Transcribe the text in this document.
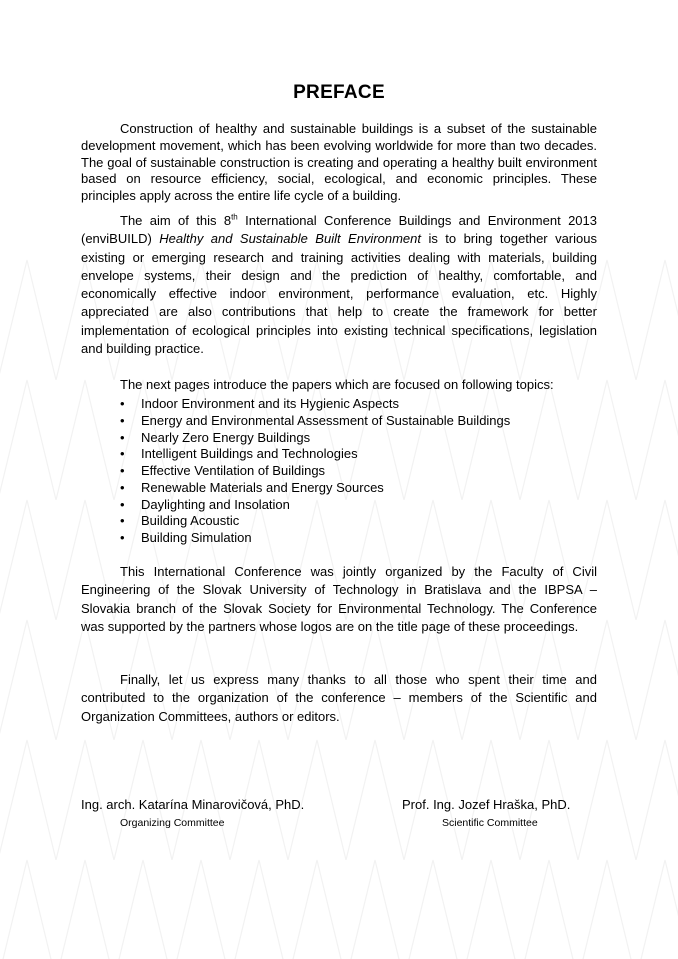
PREFACE

Construction of healthy and sustainable buildings is a subset of the sustainable development movement, which has been evolving worldwide for more than two decades. The goal of sustainable construction is creating and operating a healthy built environment based on resource efficiency, social, ecological, and economic principles. These principles apply across the entire life cycle of a building.

The aim of this 8th International Conference Buildings and Environment 2013 (enviBUILD) Healthy and Sustainable Built Environment is to bring together various existing or emerging research and training activities dealing with materials, building envelope systems, their design and the prediction of healthy, comfortable, and economically effective indoor environment, performance evaluation, etc. Highly appreciated are also contributions that help to create the framework for better implementation of ecological principles into existing technical specifications, legislation and building practice.

The next pages introduce the papers which are focused on following topics:

• Indoor Environment and its Hygienic Aspects
• Energy and Environmental Assessment of Sustainable Buildings
• Nearly Zero Energy Buildings
• Intelligent Buildings and Technologies
• Effective Ventilation of Buildings
• Renewable Materials and Energy Sources
• Daylighting and Insolation
• Building Acoustic
• Building Simulation

This International Conference was jointly organized by the Faculty of Civil Engineering of the Slovak University of Technology in Bratislava and the IBPSA – Slovakia branch of the Slovak Society for Environmental Technology. The Conference was supported by the partners whose logos are on the title page of these proceedings.

Finally, let us express many thanks to all those who spent their time and contributed to the organization of the conference – members of the Scientific and Organization Committees, authors or editors.

Ing. arch. Katarína Minarovičová, PhD.
Organizing Committee
Prof. Ing. Jozef Hraška, PhD.
Scientific Committee
